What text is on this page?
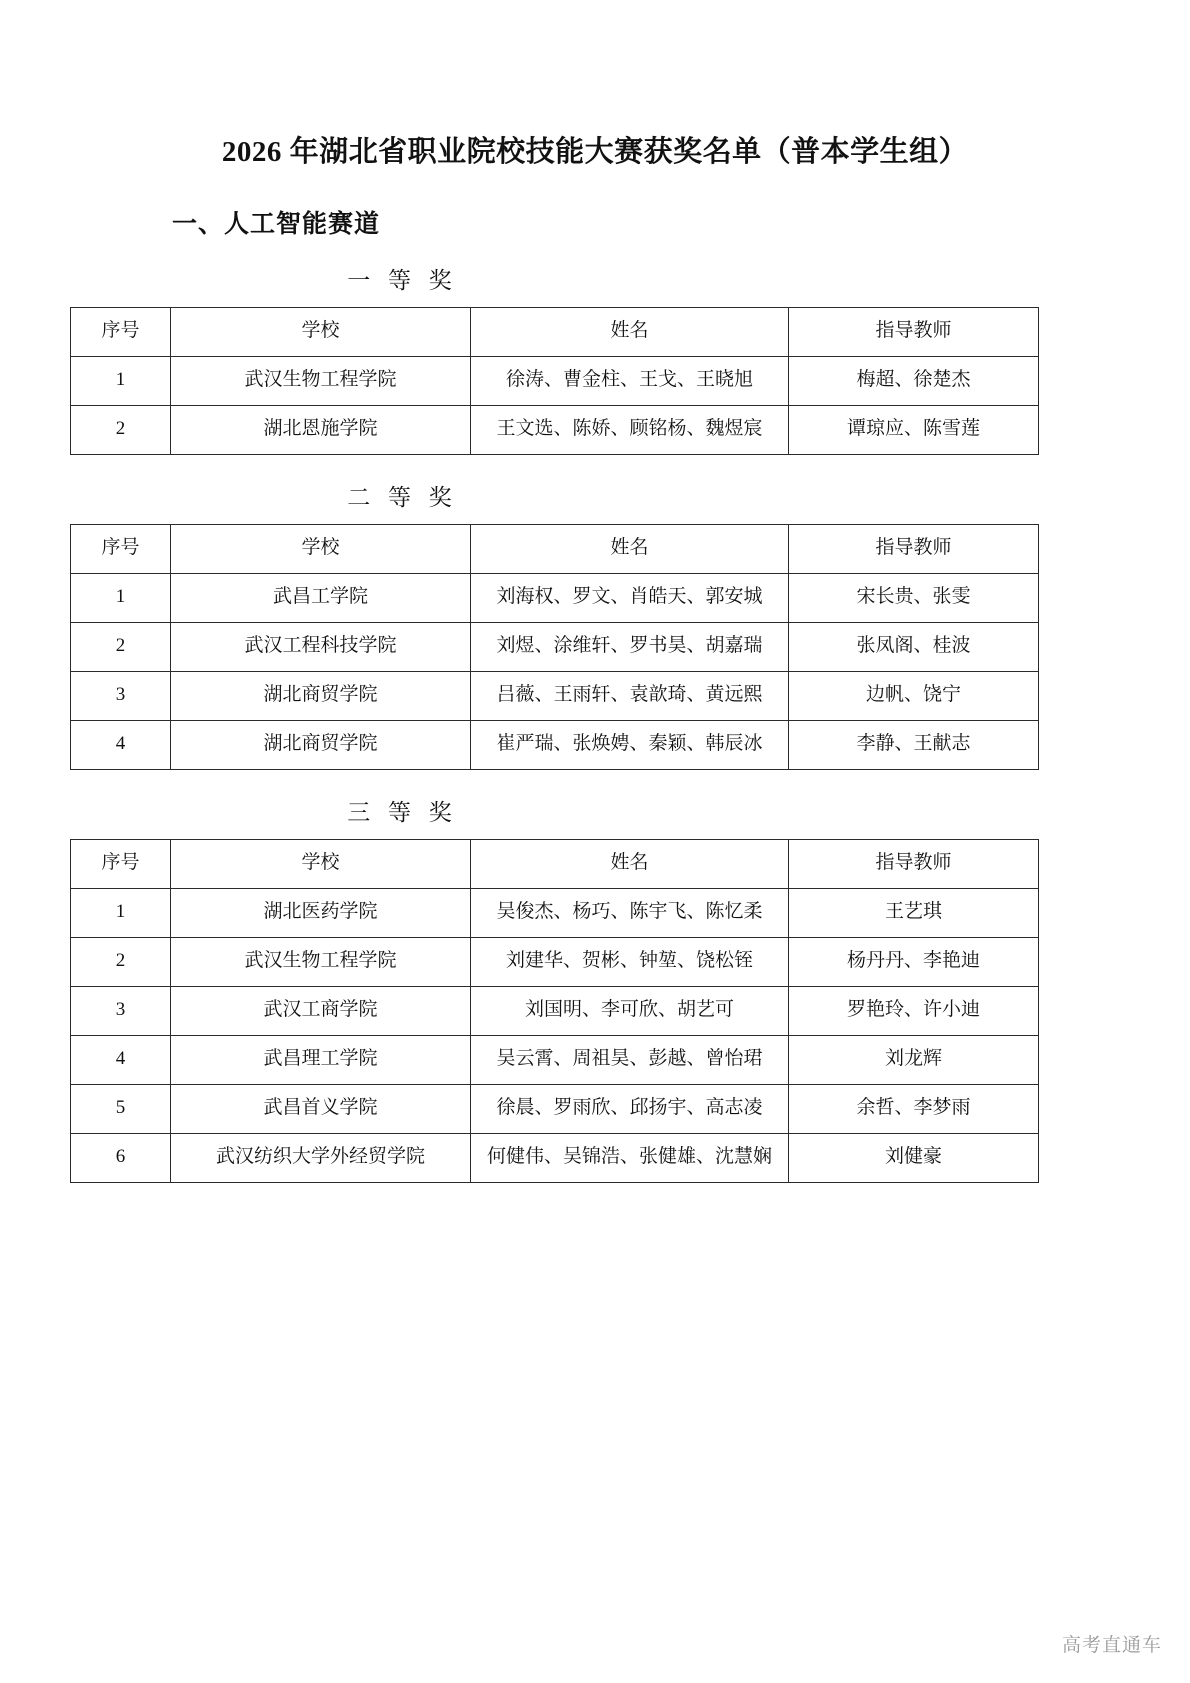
2026 年湖北省职业院校技能大赛获奖名单（普本学生组）
一、人工智能赛道
一 等 奖
序号	学校	姓名	指导教师
1	武汉生物工程学院	徐涛、曹金柱、王戈、王晓旭	梅超、徐楚杰
2	湖北恩施学院	王文选、陈娇、顾铭杨、魏煜宸	谭琼应、陈雪莲
二 等 奖
序号	学校	姓名	指导教师
1	武昌工学院	刘海权、罗文、肖皓天、郭安城	宋长贵、张雯
2	武汉工程科技学院	刘煜、涂维轩、罗书昊、胡嘉瑞	张凤阁、桂波
3	湖北商贸学院	吕薇、王雨轩、袁歆琦、黄远熙	边帆、饶宁
4	湖北商贸学院	崔严瑞、张焕娉、秦颖、韩辰冰	李静、王献志
三 等 奖
序号	学校	姓名	指导教师
1	湖北医药学院	吴俊杰、杨巧、陈宇飞、陈忆柔	王艺琪
2	武汉生物工程学院	刘建华、贺彬、钟堃、饶松铚	杨丹丹、李艳迪
3	武汉工商学院	刘国明、李可欣、胡艺可	罗艳玲、许小迪
4	武昌理工学院	吴云霄、周祖昊、彭越、曾怡珺	刘龙辉
5	武昌首义学院	徐晨、罗雨欣、邱扬宇、高志凌	余哲、李梦雨
6	武汉纺织大学外经贸学院	何健伟、吴锦浩、张健雄、沈慧娴	刘健豪
高考直通车
